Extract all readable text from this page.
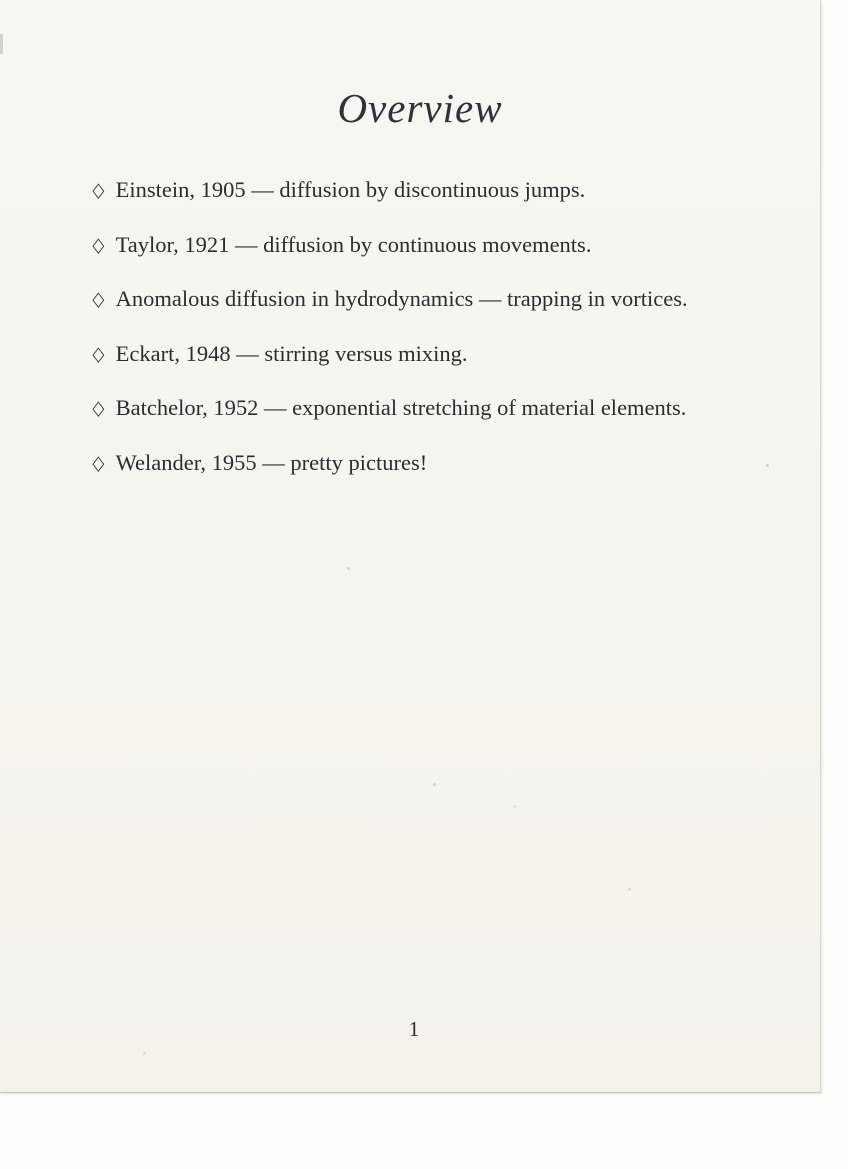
Overview
◇ Einstein, 1905 — diffusion by discontinuous jumps.
◇ Taylor, 1921 — diffusion by continuous movements.
◇ Anomalous diffusion in hydrodynamics — trapping in vortices.
◇ Eckart, 1948 — stirring versus mixing.
◇ Batchelor, 1952 — exponential stretching of material elements.
◇ Welander, 1955 — pretty pictures!
1
